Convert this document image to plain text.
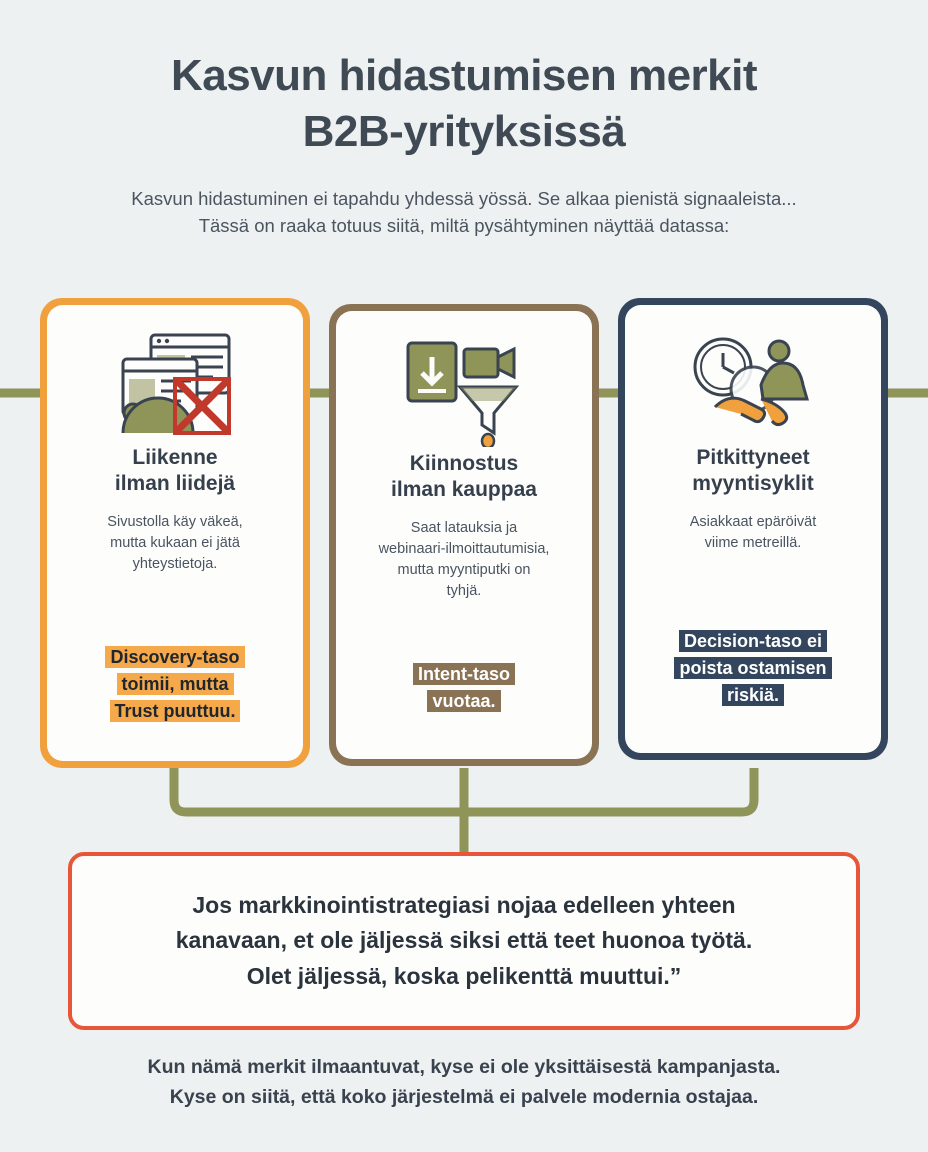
Kasvun hidastumisen merkit
B2B-yrityksissä
Kasvun hidastuminen ei tapahdu yhdessä yössä. Se alkaa pienistä signaaleista...
Tässä on raaka totuus siitä, miltä pysähtyminen näyttää datassa:
Liikenne
ilman liidejä
Sivustolla käy väkeä,
mutta kukaan ei jätä
yhteystietoja.
Discovery-taso
toimii, mutta
Trust puuttuu.
Kiinnostus
ilman kauppaa
Saat latauksia ja
webinaari-ilmoittautumisia,
mutta myyntiputki on
tyhjä.
Intent-taso
vuotaa.
Pitkittyneet
myyntisyklit
Asiakkaat epäröivät
viime metreillä.
Decision-taso ei
poista ostamisen
riskiä.
Jos markkinointistrategiasi nojaa edelleen yhteen
kanavaan, et ole jäljessä siksi että teet huonoa työtä.
Olet jäljessä, koska pelikenttä muuttui.”
Kun nämä merkit ilmaantuvat, kyse ei ole yksittäisestä kampanjasta.
Kyse on siitä, että koko järjestelmä ei palvele modernia ostajaa.
